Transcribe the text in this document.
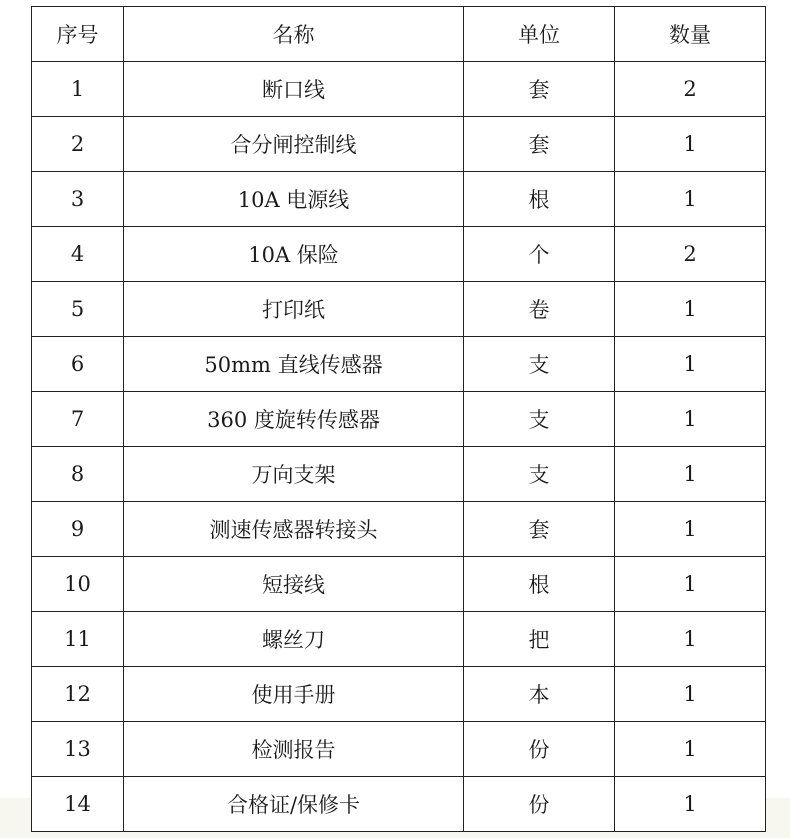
序号	名称	单位	数量
1	断口线	套	2
2	合分闸控制线	套	1
3	10A 电源线	根	1
4	10A 保险	个	2
5	打印纸	卷	1
6	50mm 直线传感器	支	1
7	360 度旋转传感器	支	1
8	万向支架	支	1
9	测速传感器转接头	套	1
10	短接线	根	1
11	螺丝刀	把	1
12	使用手册	本	1
13	检测报告	份	1
14	合格证/保修卡	份	1
